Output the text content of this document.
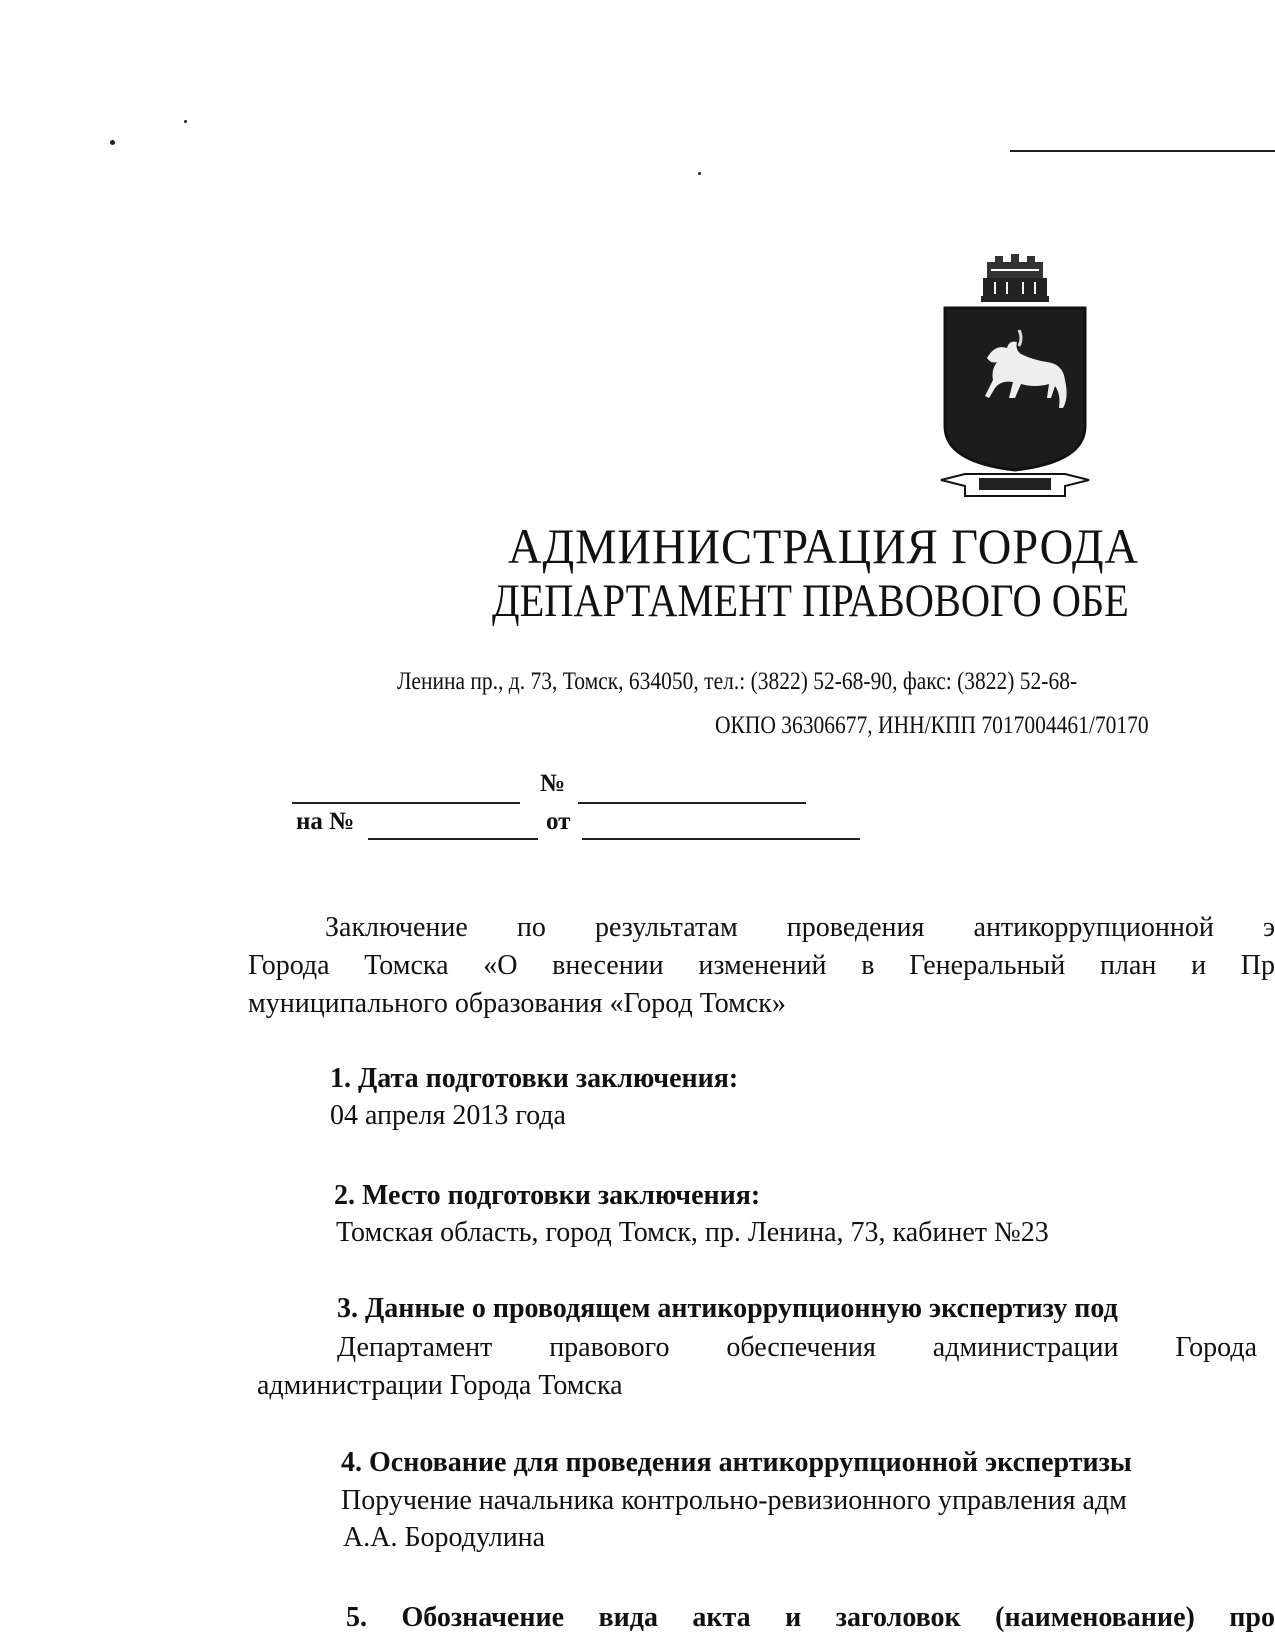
АДМИНИСТРАЦИЯ ГОРОДА
ДЕПАРТАМЕНТ ПРАВОВОГО ОБЕ
Ленина пр., д. 73, Томск, 634050, тел.: (3822) 52-68-90, факс: (3822) 52-68-
ОКПО 36306677, ИНН/КПП 7017004461/70170
№
на №	от
Заключение по результатам проведения антикоррупционной э
Города Томска «О внесении изменений в Генеральный план и Пр
муниципального образования «Город Томск»
1. Дата подготовки заключения:
04 апреля 2013 года
2. Место подготовки заключения:
Томская область, город Томск, пр. Ленина, 73, кабинет №23
3. Данные о проводящем антикоррупционную экспертизу под
Департамент правового обеспечения администрации Города
администрации Города Томска
4. Основание для проведения антикоррупционной экспертизы
Поручение начальника контрольно-ревизионного управления адм
А.А. Бородулина
5. Обозначение вида акта и заголовок (наименование) про
